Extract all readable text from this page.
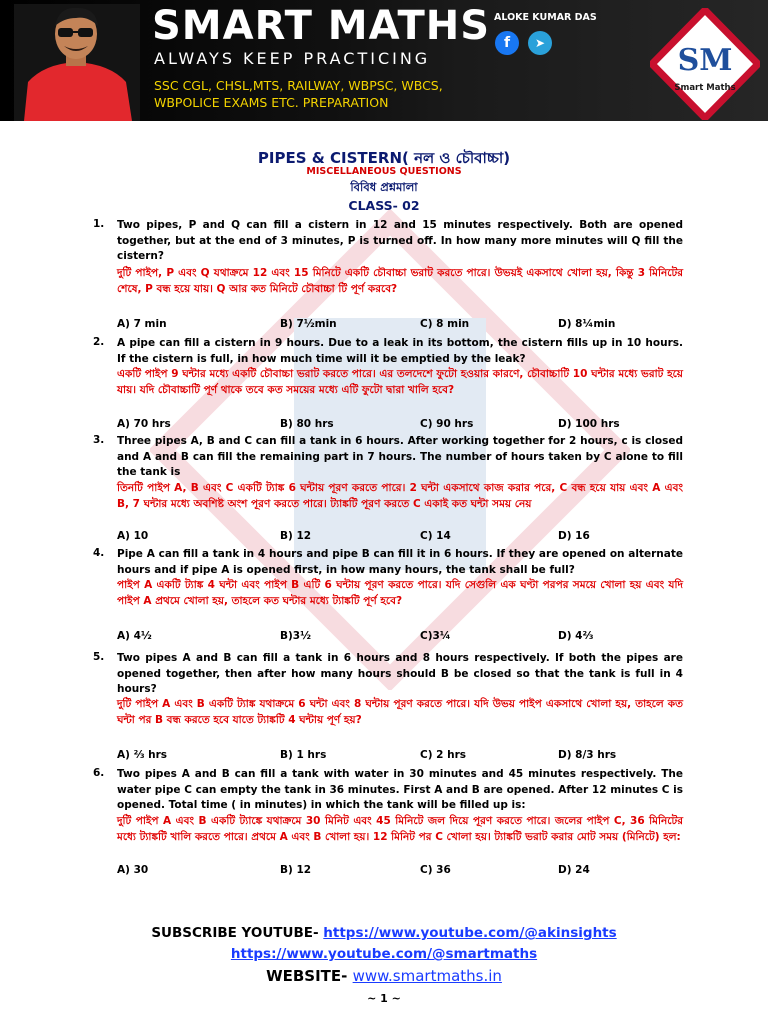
SMART MATHS
ALWAYS KEEP PRACTICING
SSC CGL, CHSL,MTS, RAILWAY, WBPSC, WBCS,
WBPOLICE EXAMS ETC. PREPARATION
ALOKE KUMAR DAS
f	➤	SM
Smart Maths
PIPES & CISTERN( নল ও চৌবাচ্চা)
MISCELLANEOUS QUESTIONS
বিবিধ প্রশ্নমালা
CLASS- 02
1. Two pipes, P and Q can fill a cistern in 12 and 15 minutes respectively. Both are opened together, but at the end of 3 minutes, P is turned off. In how many more minutes will Q fill the cistern?
দুটি পাইপ, P এবং Q যথাক্রমে 12 এবং 15 মিনিটে একটি চৌবাচ্চা ভরাট করতে পারে। উভয়ই একসাথে খোলা হয়, কিন্তু 3 মিনিটের শেষে, P বন্ধ হয়ে যায়। Q আর কত মিনিটে চৌবাচ্চা টি পূর্ণ করবে?
A) 7 min	B) 7½min	C) 8 min	D) 8¼min
2. A pipe can fill a cistern in 9 hours. Due to a leak in its bottom, the cistern fills up in 10 hours. If the cistern is full, in how much time will it be emptied by the leak?
একটি পাইপ 9 ঘন্টার মধ্যে একটি চৌবাচ্চা ভরাট করতে পারে। এর তলদেশে ফুটো হওয়ার কারণে, চৌবাচ্চাটি 10 ঘন্টার মধ্যে ভরাট হয়ে যায়। যদি চৌবাচ্চাটি পূর্ণ থাকে তবে কত সময়ের মধ্যে এটি ফুটো দ্বারা খালি হবে?
A) 70 hrs	B) 80 hrs	C) 90 hrs	D) 100 hrs
3. Three pipes A, B and C can fill a tank in 6 hours. After working together for 2 hours, c is closed and A and B can fill the remaining part in 7 hours. The number of hours taken by C alone to fill the tank is
তিনটি পাইপ A, B এবং C একটি ট্যাঙ্ক 6 ঘন্টায় পূরণ করতে পারে। 2 ঘন্টা একসাথে কাজ করার পরে, C বন্ধ হয়ে যায় এবং A এবং B, 7 ঘন্টার মধ্যে অবশিষ্ট অংশ পূরণ করতে পারে। ট্যাঙ্কটি পূরণ করতে C একাই কত ঘন্টা সময় নেয়
A) 10	B) 12	C) 14	D) 16
4. Pipe A can fill a tank in 4 hours and pipe B can fill it in 6 hours. If they are opened on alternate hours and if pipe A is opened first, in how many hours, the tank shall be full?
পাইপ A একটি ট্যাঙ্ক 4 ঘন্টা এবং পাইপ B এটি 6 ঘন্টায় পূরণ করতে পারে। যদি সেগুলি এক ঘণ্টা পরপর সময়ে খোলা হয় এবং যদি পাইপ A প্রথমে খোলা হয়, তাহলে কত ঘন্টার মধ্যে ট্যাঙ্কটি পূর্ণ হবে?
A) 4½	B)3½	C)3¼	D) 4⅔
5. Two pipes A and B can fill a tank in 6 hours and 8 hours respectively. If both the pipes are opened together, then after how many hours should B be closed so that the tank is full in 4 hours?
দুটি পাইপ A এবং B একটি ট্যাঙ্ক যথাক্রমে 6 ঘন্টা এবং 8 ঘন্টায় পূরণ করতে পারে। যদি উভয় পাইপ একসাথে খোলা হয়, তাহলে কত ঘন্টা পর B বন্ধ করতে হবে যাতে ট্যাঙ্কটি 4 ঘন্টায় পূর্ণ হয়?
A) ⅔ hrs	B) 1 hrs	C) 2 hrs	D) 8/3 hrs
6. Two pipes A and B can fill a tank with water in 30 minutes and 45 minutes respectively. The water pipe C can empty the tank in 36 minutes. First A and B are opened. After 12 minutes C is opened. Total time ( in minutes) in which the tank will be filled up is:
দুটি পাইপ A এবং B একটি ট্যাঙ্কে যথাক্রমে 30 মিনিট এবং 45 মিনিটে জল দিয়ে পূরণ করতে পারে। জলের পাইপ C, 36 মিনিটের মধ্যে ট্যাঙ্কটি খালি করতে পারে। প্রথমে A এবং B খোলা হয়। 12 মিনিট পর C খোলা হয়। ট্যাঙ্কটি ভরাট করার মোট সময় (মিনিটে) হল:
A) 30	B) 12	C) 36	D) 24
SUBSCRIBE YOUTUBE- https://www.youtube.com/@akinsights
https://www.youtube.com/@smartmaths
WEBSITE- www.smartmaths.in
~ 1 ~
